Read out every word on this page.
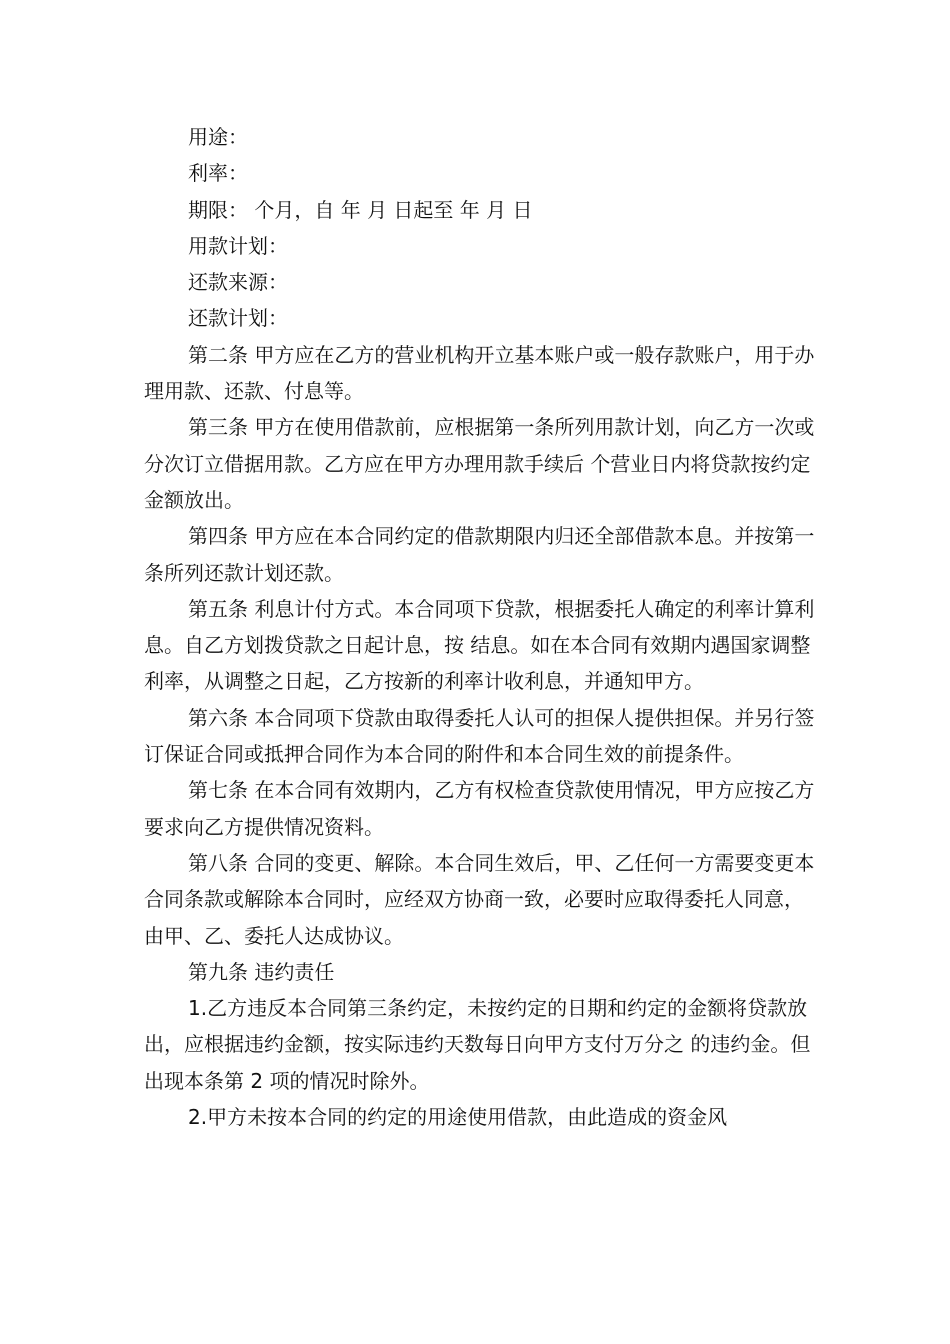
用途：

利率：

期限： 个月，自 年 月 日起至 年 月 日

用款计划：

还款来源：

还款计划：

第二条 甲方应在乙方的营业机构开立基本账户或一般存款账户，用于办理用款、还款、付息等。

第三条 甲方在使用借款前，应根据第一条所列用款计划，向乙方一次或分次订立借据用款。乙方应在甲方办理用款手续后 个营业日内将贷款按约定金额放出。

第四条 甲方应在本合同约定的借款期限内归还全部借款本息。并按第一条所列还款计划还款。

第五条 利息计付方式。本合同项下贷款，根据委托人确定的利率计算利息。自乙方划拨贷款之日起计息，按 结息。如在本合同有效期内遇国家调整利率，从调整之日起，乙方按新的利率计收利息，并通知甲方。

第六条 本合同项下贷款由取得委托人认可的担保人提供担保。并另行签订保证合同或抵押合同作为本合同的附件和本合同生效的前提条件。

第七条 在本合同有效期内，乙方有权检查贷款使用情况，甲方应按乙方要求向乙方提供情况资料。

第八条 合同的变更、解除。本合同生效后，甲、乙任何一方需要变更本合同条款或解除本合同时，应经双方协商一致，必要时应取得委托人同意，由甲、乙、委托人达成协议。

第九条 违约责任

1.乙方违反本合同第三条约定，未按约定的日期和约定的金额将贷款放出，应根据违约金额，按实际违约天数每日向甲方支付万分之 的违约金。但出现本条第 2 项的情况时除外。

2.甲方未按本合同的约定的用途使用借款，由此造成的资金风
